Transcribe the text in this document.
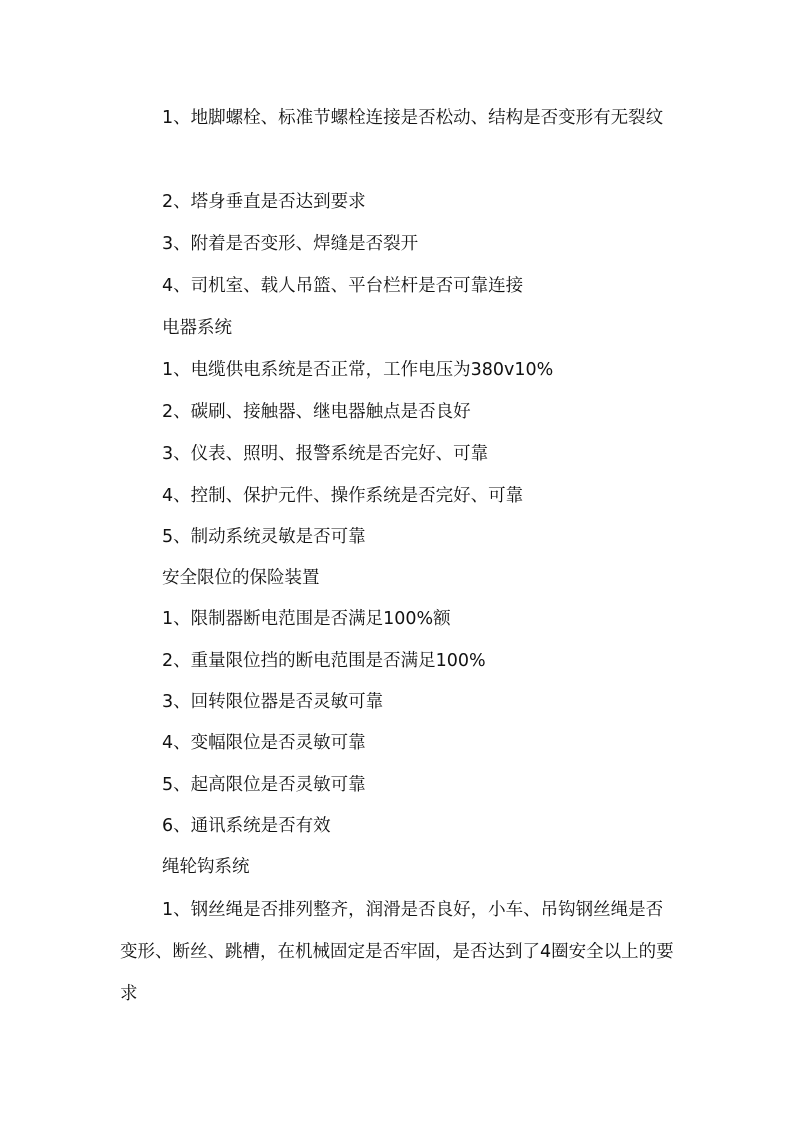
1、地脚螺栓、标准节螺栓连接是否松动、结构是否变形有无裂纹

2、塔身垂直是否达到要求

3、附着是否变形、焊缝是否裂开

4、司机室、载人吊篮、平台栏杆是否可靠连接

电器系统

1、电缆供电系统是否正常，工作电压为380v10%

2、碳刷、接触器、继电器触点是否良好

3、仪表、照明、报警系统是否完好、可靠

4、控制、保护元件、操作系统是否完好、可靠

5、制动系统灵敏是否可靠

安全限位的保险装置

1、限制器断电范围是否满足100%额

2、重量限位挡的断电范围是否满足100%

3、回转限位器是否灵敏可靠

4、变幅限位是否灵敏可靠

5、起高限位是否灵敏可靠

6、通讯系统是否有效

绳轮钩系统

1、钢丝绳是否排列整齐，润滑是否良好，小车、吊钩钢丝绳是否变形、断丝、跳槽，在机械固定是否牢固，是否达到了4圈安全以上的要求
